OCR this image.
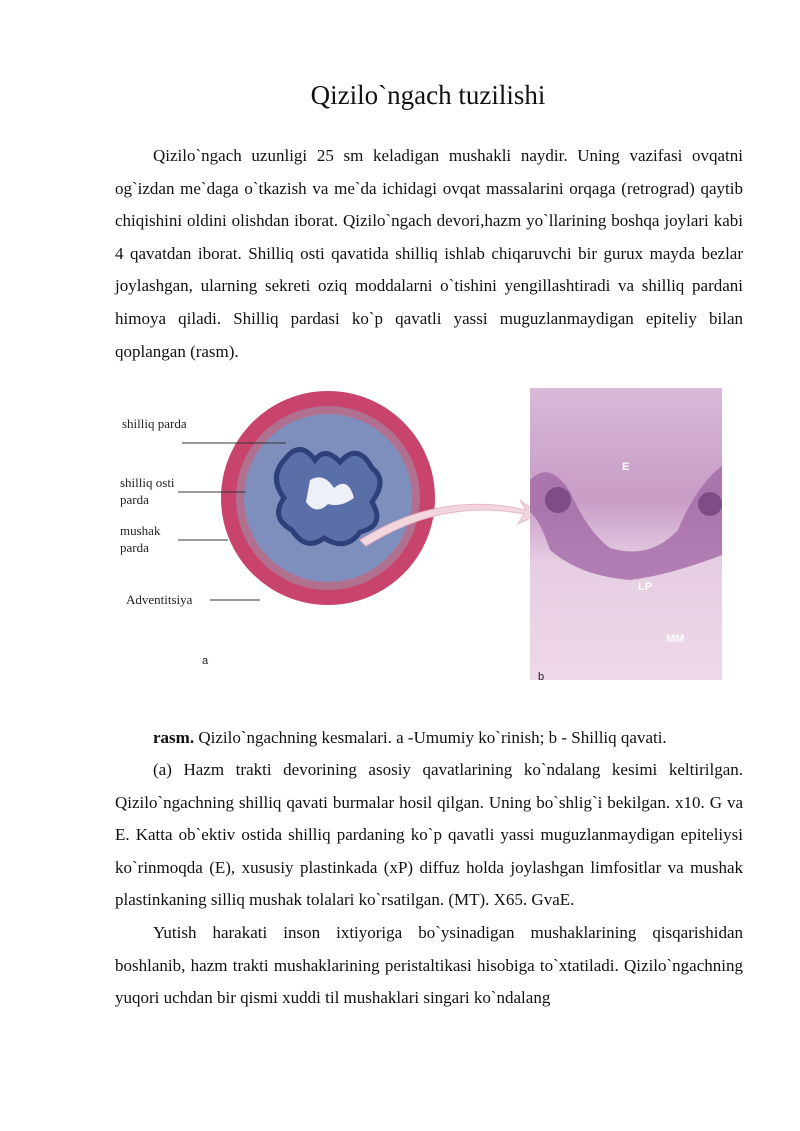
Qizilo`ngach tuzilishi

Qizilo`ngach uzunligi 25 sm keladigan mushakli naydir. Uning vazifasi ovqatni og`izdan me`daga o`tkazish va me`da ichidagi ovqat massalarini orqaga (retrograd) qaytib chiqishini oldini olishdan iborat. Qizilo`ngach devori,hazm yo`llarining boshqa joylari kabi 4 qavatdan iborat. Shilliq osti qavatida shilliq ishlab chiqaruvchi bir gurux mayda bezlar joylashgan, ularning sekreti oziq moddalarni o`tishini yengillashtiradi va shilliq pardani himoya qiladi. Shilliq pardasi ko`p qavatli yassi muguzlanmaydigan epiteliy bilan qoplangan (rasm).

shilliq parda
shilliq osti
parda
mushak
parda
Adventitsiya
a
E
LP
MM
b
rasm. Qizilo`ngachning kesmalari. a -Umumiy ko`rinish; b - Shilliq qavati.

(a) Hazm trakti devorining asosiy qavatlarining ko`ndalang kesimi keltirilgan. Qizilo`ngachning shilliq qavati burmalar hosil qilgan. Uning bo`shlig`i bekilgan. x10. G va E. Katta ob`ektiv ostida shilliq pardaning ko`p qavatli yassi muguzlanmaydigan epiteliysi ko`rinmoqda (E), xususiy plastinkada (xP) diffuz holda joylashgan limfositlar va mushak plastinkaning silliq mushak tolalari ko`rsatilgan. (MT). X65. GvaE.

Yutish harakati inson ixtiyoriga bo`ysinadigan mushaklarining qisqarishidan boshlanib, hazm trakti mushaklarining peristaltikasi hisobiga to`xtatiladi. Qizilo`ngachning yuqori uchdan bir qismi xuddi til mushaklari singari ko`ndalang
